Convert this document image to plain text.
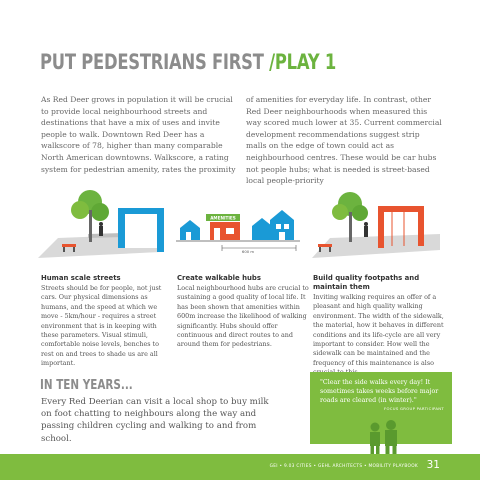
PUT PEDESTRIANS FIRST /PLAY 1
As Red Deer grows in population it will be crucial to provide local neighbourhood streets and destinations that have a mix of uses and invite people to walk. Downtown Red Deer has a walkscore of 78, higher than many comparable North American downtowns. Walkscore, a rating system for pedestrian amenity, rates the proximity
of amenities for everyday life. In contrast, other Red Deer neighbourhoods when measured this way scored much lower at 35. Current commercial development recommendations suggest strip malls on the edge of town could act as neighbourhood centres. These would be car hubs not people hubs; what is needed is street-based local people-priority
AMENITIES
600 m
Human scale streets

Streets should be for people, not just cars. Our physical dimensions as humans, and the speed at which we move - 5km/hour - requires a street environment that is in keeping with these parameters. Visual stimuli, comfortable noise levels, benches to rest on and trees to shade us are all important.

Create walkable hubs

Local neighbourhood hubs are crucial to sustaining a good quality of local life. It has been shown that amenities within 600m increase the likelihood of walking significantly. Hubs should offer continuous and direct routes to and around them for pedestrians.

Build quality footpaths and maintain them

Inviting walking requires an offer of a pleasant and high quality walking environment. The width of the sidewalk, the material, how it behaves in different conditions and its life-cycle are all very important to consider. How well the sidewalk can be maintained and the frequency of this maintenance is also

IN TEN YEARS...
Every Red Deerian can visit a local shop to buy milk on foot chatting to neighbours along the way and passing children cycling and walking to and from school.
"Clear the side walks every day! It sometimes takes weeks before major roads are cleared (in winter)."
FOCUS GROUP PARTICIPANT
GEI • 9.03 CITIES • GEHL ARCHITECTS • MOBILITY PLAYBOOK 31
